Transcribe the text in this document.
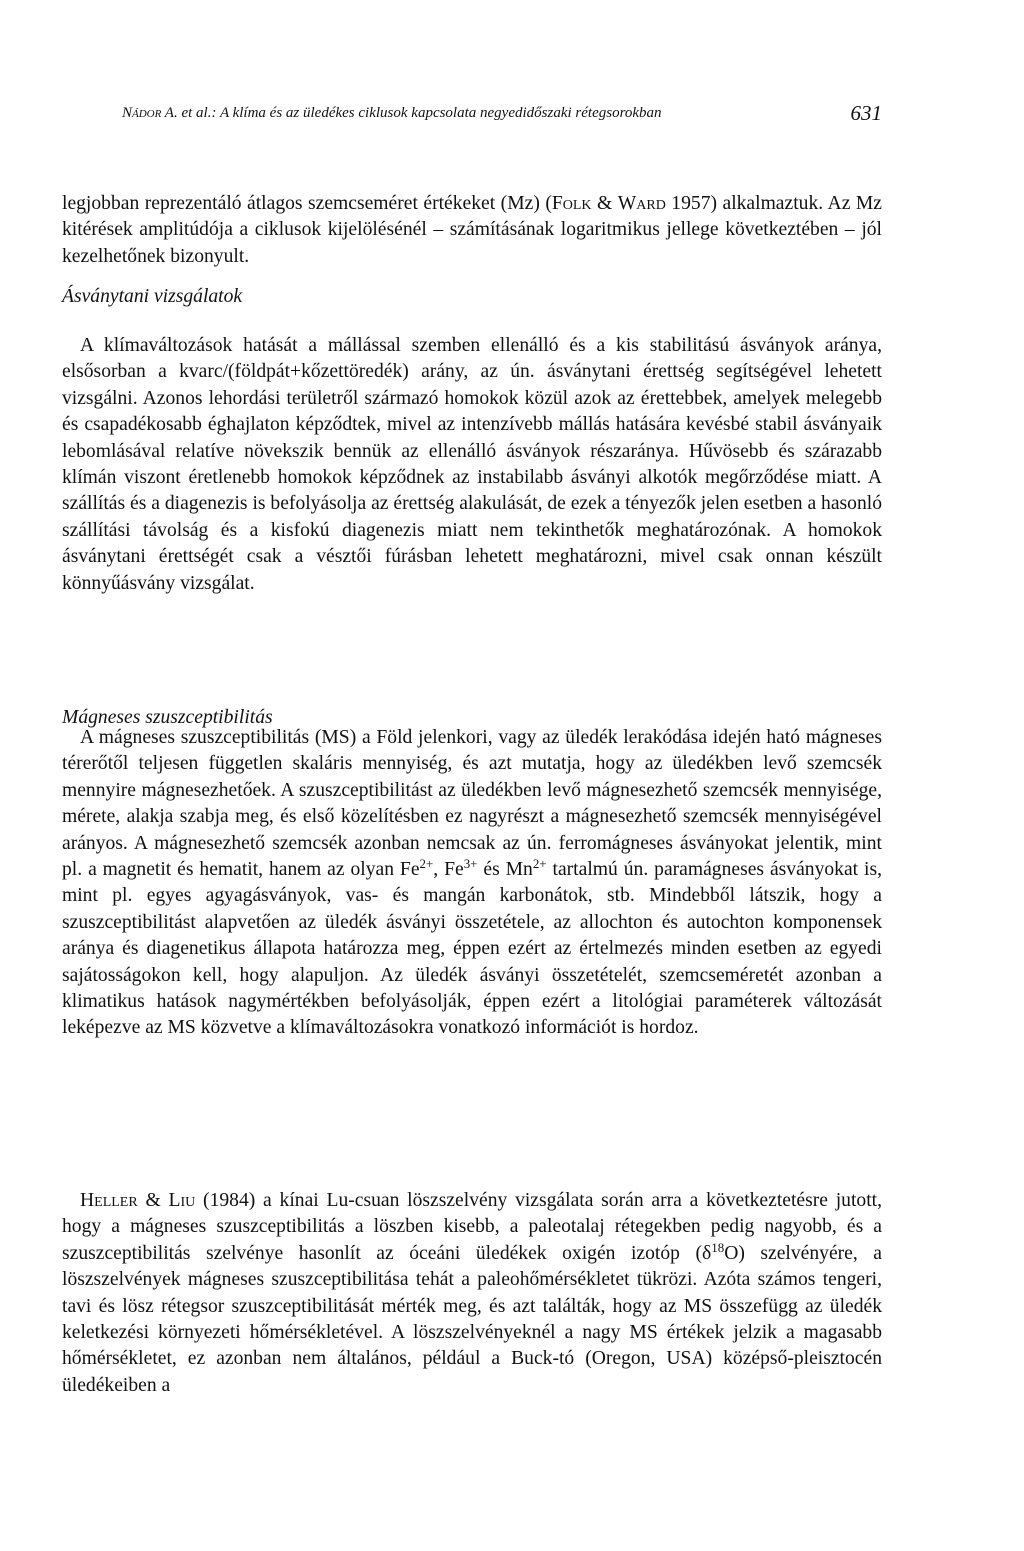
Nádor A. et al.: A klíma és az üledékes ciklusok kapcsolata negyedidőszaki rétegsorokban	631

legjobban reprezentáló átlagos szemcseméret értékeket (Mz) (Folk & Ward 1957) alkalmaztuk. Az Mz kitérések amplitúdója a ciklusok kijelölésénél – számításának logaritmikus jellege következtében – jól kezelhetőnek bizonyult.

Ásványtani vizsgálatok

A klímaváltozások hatását a mállással szemben ellenálló és a kis stabilitású ásványok aránya, elsősorban a kvarc/(földpát+kőzettöredék) arány, az ún. ásványtani érettség segítségével lehetett vizsgálni. Azonos lehordási területről származó homokok közül azok az érettebbek, amelyek melegebb és csapadékosabb éghajlaton képződtek, mivel az intenzívebb mállás hatására kevésbé stabil ásványaik lebomlásával relatíve növekszik bennük az ellenálló ásványok részaránya. Hűvösebb és szárazabb klímán viszont éretlenebb homokok képződnek az instabilabb ásványi alkotók megőrződése miatt. A szállítás és a diagenezis is befolyásolja az érettség alakulását, de ezek a tényezők jelen esetben a hasonló szállítási távolság és a kisfokú diagenezis miatt nem tekinthetők meghatározónak. A homokok ásványtani érettségét csak a vésztői fúrásban lehetett meghatározni, mivel csak onnan készült könnyűásvány vizsgálat.

Mágneses szuszceptibilitás

A mágneses szuszceptibilitás (MS) a Föld jelenkori, vagy az üledék lerakódása idején ható mágneses térerőtől teljesen független skaláris mennyiség, és azt mutatja, hogy az üledékben levő szemcsék mennyire mágnesezhetőek. A szuszceptibilitást az üledékben levő mágnesezhető szemcsék mennyisége, mérete, alakja szabja meg, és első közelítésben ez nagyrészt a mágnesezhető szemcsék mennyiségével arányos. A mágnesezhető szemcsék azonban nemcsak az ún. ferromágneses ásványokat jelentik, mint pl. a magnetit és hematit, hanem az olyan $Fe^{2+}$, $Fe^{3+}$ és $Mn^{2+}$ tartalmú ún. paramágneses ásványokat is, mint pl. egyes agyagásványok, vas- és mangán karbonátok, stb. Mindebből látszik, hogy a szuszceptibilitást alapvetően az üledék ásványi összetétele, az allochton és autochton komponensek aránya és diagenetikus állapota határozza meg, éppen ezért az értelmezés minden esetben az egyedi sajátosságokon kell, hogy alapuljon. Az üledék ásványi összetételét, szemcseméretét azonban a klimatikus hatások nagymértékben befolyásolják, éppen ezért a litológiai paraméterek változását leképezve az MS közvetve a klímaváltozásokra vonatkozó információt is hordoz.

Heller & Liu (1984) a kínai Lu-csuan löszszelvény vizsgálata során arra a következtetésre jutott, hogy a mágneses szuszceptibilitás a löszben kisebb, a paleotalaj rétegekben pedig nagyobb, és a szuszceptibilitás szelvénye hasonlít az óceáni üledékek oxigén izotóp $(\delta^{18}O)$ szelvényére, a löszszelvények mágneses szuszceptibilitása tehát a paleohőmérsékletet tükrözi. Azóta számos tengeri, tavi és lösz rétegsor szuszceptibilitását mérték meg, és azt találták, hogy az MS összefügg az üledék keletkezési környezeti hőmérsékletével. A löszszelvényeknél a nagy MS értékek jelzik a magasabb hőmérsékletet, ez azonban nem általános, például a Buck-tó (Oregon, USA) középső-pleisztocén üledékeiben a
